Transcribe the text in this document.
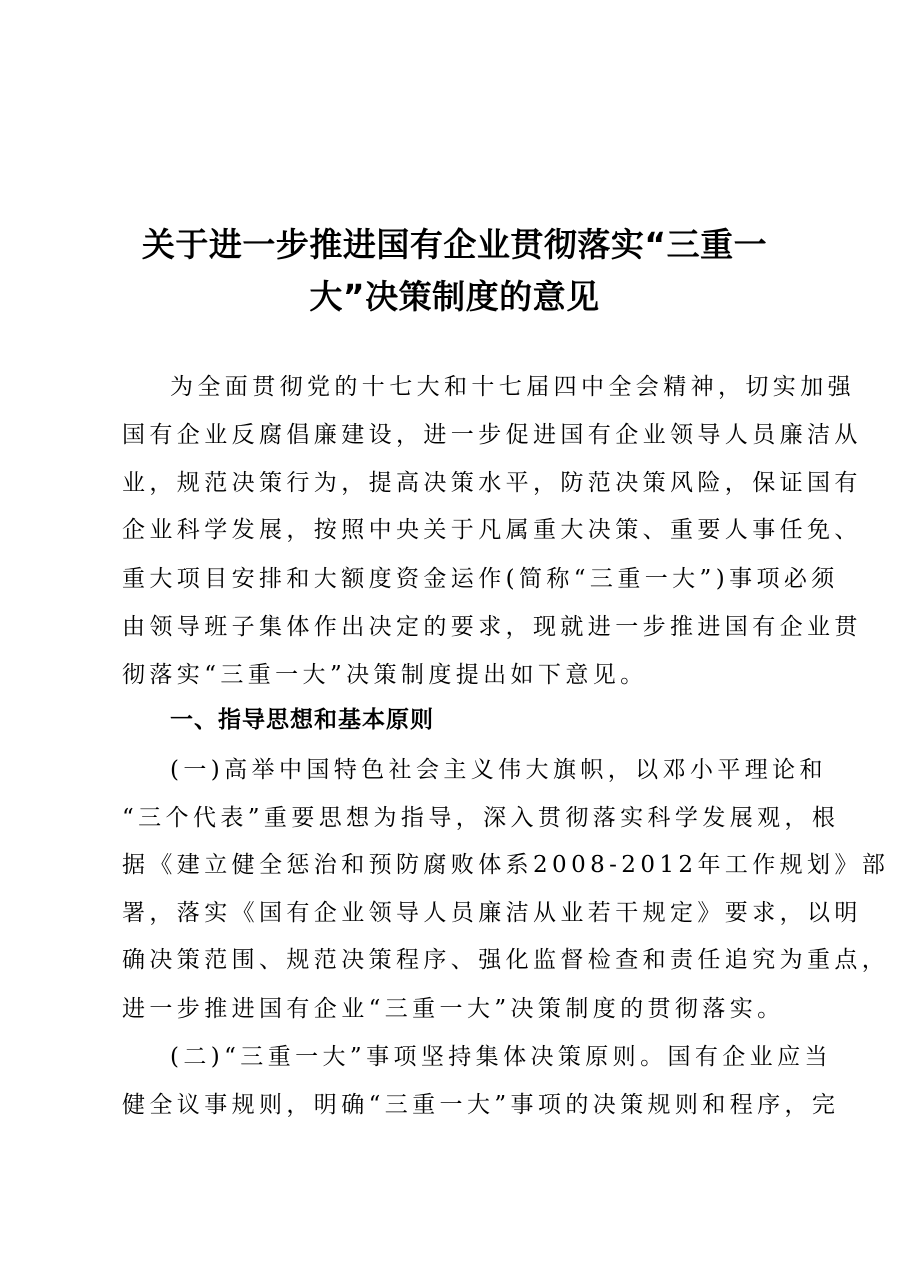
关于进一步推进国有企业贯彻落实“三重一
大”决策制度的意见
为全面贯彻党的十七大和十七届四中全会精神，切实加强
国有企业反腐倡廉建设，进一步促进国有企业领导人员廉洁从
业，规范决策行为，提高决策水平，防范决策风险，保证国有
企业科学发展，按照中央关于凡属重大决策、重要人事任免、
重大项目安排和大额度资金运作(简称“三重一大”)事项必须
由领导班子集体作出决定的要求，现就进一步推进国有企业贯
彻落实“三重一大”决策制度提出如下意见。
一、指导思想和基本原则
(一)高举中国特色社会主义伟大旗帜，以邓小平理论和
“三个代表”重要思想为指导，深入贯彻落实科学发展观，根
据《建立健全惩治和预防腐败体系2008-2012年工作规划》部
署，落实《国有企业领导人员廉洁从业若干规定》要求，以明
确决策范围、规范决策程序、强化监督检查和责任追究为重点，
进一步推进国有企业“三重一大”决策制度的贯彻落实。
(二)“三重一大”事项坚持集体决策原则。国有企业应当
健全议事规则，明确“三重一大”事项的决策规则和程序，完
